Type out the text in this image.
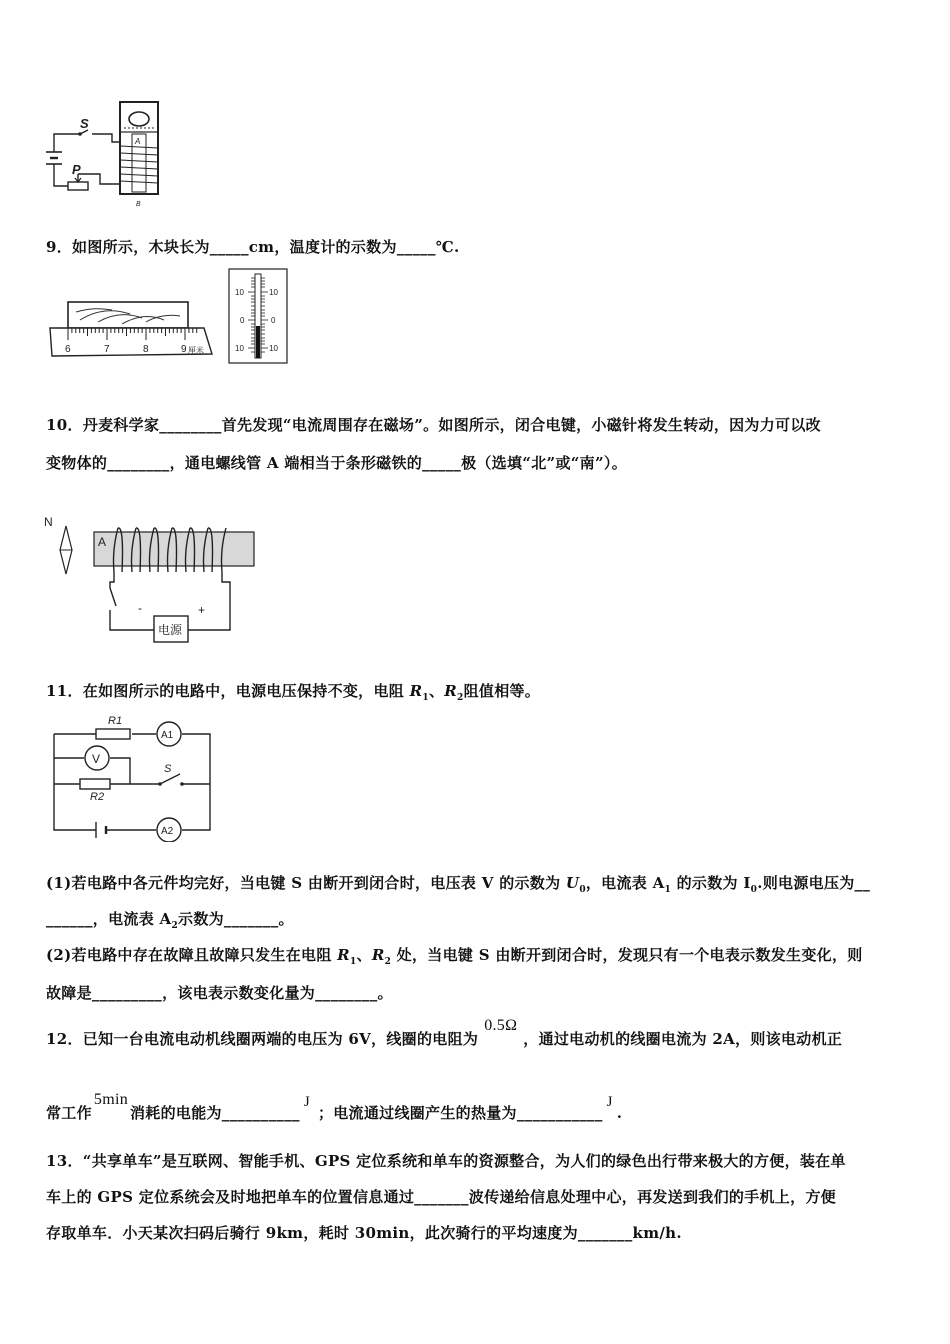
A
B
S
P
9．如图所示，木块长为_____cm，温度计的示数为_____℃.
6	7	8	9 厘米
10
0
10
10
0
10
10．丹麦科学家________首先发现“电流周围存在磁场”。如图所示，闭合电键，小磁针将发生转动，因为力可以改
变物体的________，通电螺线管 A 端相当于条形磁铁的_____极（选填“北”或“南”）。
N
A
电源
-	+
11．在如图所示的电路中，电源电压保持不变，电阻 $R_1$、$R_2$阻值相等。
A1
V
A2
R1
R2
S
(1)若电路中各元件均完好，当电键 S 由断开到闭合时，电压表 V 的示数为 $U_0$，电流表 $A_1$ 的示数为 $I_0$.则电源电压为__
______，电流表 $A_2$示数为_______。
(2)若电路中存在故障且故障只发生在电阻 $R_1$、$R_2$ 处，当电键 S 由断开到闭合时，发现只有一个电表示数发生变化，则
故障是_________，该电表示数变化量为________。
12．已知一台电流电动机线圈两端的电压为 6V，线圈的电阻为0.5Ω，通过电动机的线圈电流为 2A，则该电动机正
常工作5min消耗的电能为__________J；电流通过线圈产生的热量为___________J.
13．“共享单车”是互联网、智能手机、GPS 定位系统和单车的资源整合，为人们的绿色出行带来极大的方便，装在单
车上的 GPS 定位系统会及时地把单车的位置信息通过_______波传递给信息处理中心，再发送到我们的手机上，方便
存取单车．小天某次扫码后骑行 9km，耗时 30min，此次骑行的平均速度为_______km/h.
